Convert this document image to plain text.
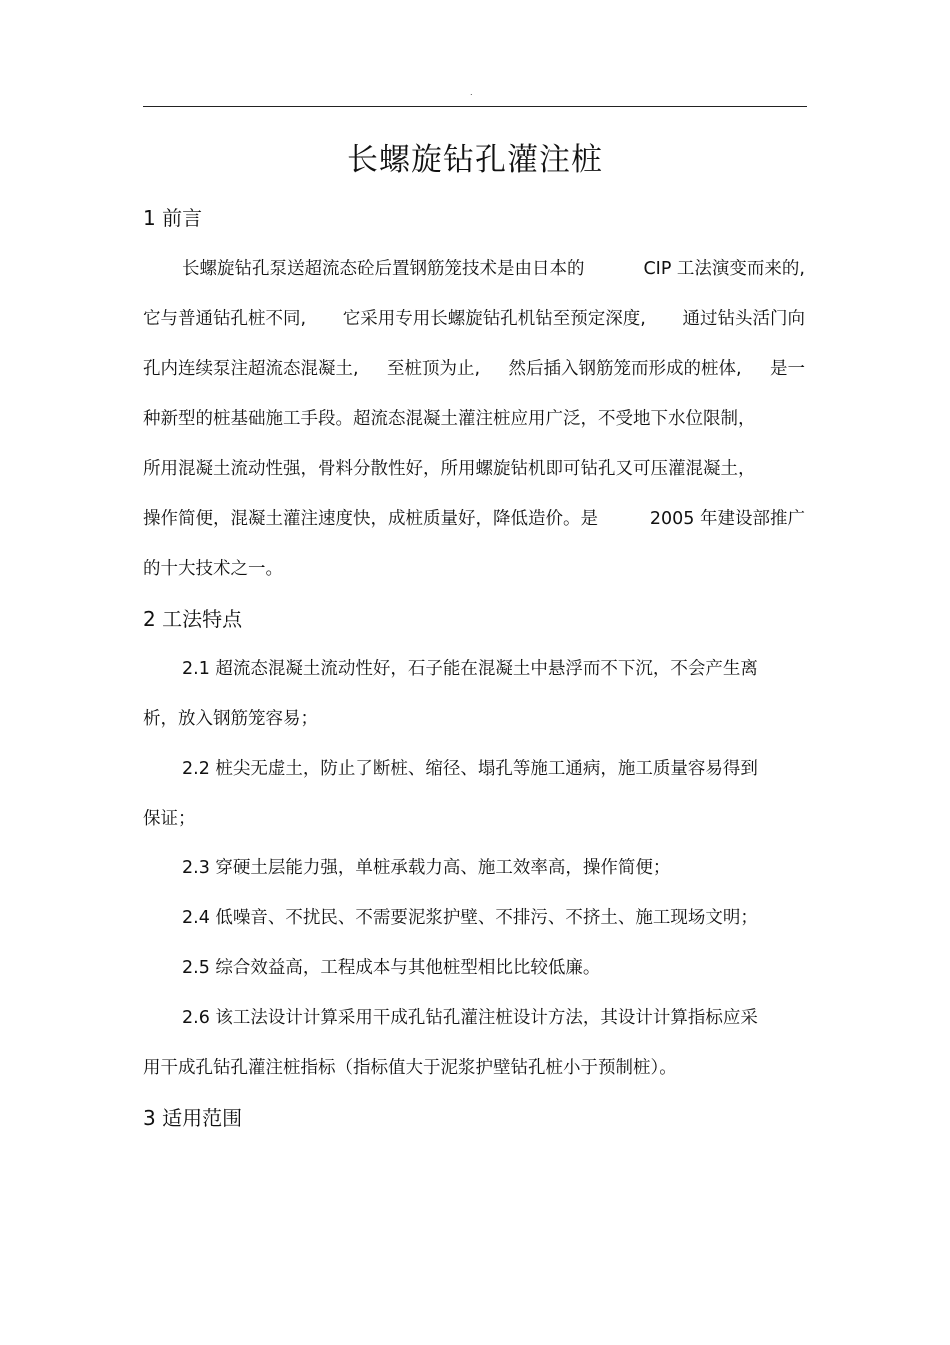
.
长螺旋钻孔灌注桩
1 前言
长螺旋钻孔泵送超流态砼后置钢筋笼技术是由日本的	CIP 工法演变而来的,
它与普通钻孔桩不同, 它采用专用长螺旋钻孔机钻至预定深度, 通过钻头活门向
孔内连续泵注超流态混凝土, 至桩顶为止, 然后插入钢筋笼而形成的桩体, 是一
种新型的桩基础施工手段。超流态混凝土灌注桩应用广泛，不受地下水位限制，
所用混凝土流动性强，骨料分散性好，所用螺旋钻机即可钻孔又可压灌混凝土，
操作简便，混凝土灌注速度快，成桩质量好，降低造价。是	2005 年建设部推广
的十大技术之一。
2 工法特点
2.1 超流态混凝土流动性好，石子能在混凝土中悬浮而不下沉，不会产生离
析，放入钢筋笼容易；
2.2 桩尖无虚土，防止了断桩、缩径、塌孔等施工通病，施工质量容易得到
保证；
2.3 穿硬土层能力强，单桩承载力高、施工效率高，操作简便；
2.4 低噪音、不扰民、不需要泥浆护壁、不排污、不挤土、施工现场文明；
2.5 综合效益高，工程成本与其他桩型相比比较低廉。
2.6 该工法设计计算采用干成孔钻孔灌注桩设计方法，其设计计算指标应采
用干成孔钻孔灌注桩指标（指标值大于泥浆护壁钻孔桩小于预制桩）。
3 适用范围
